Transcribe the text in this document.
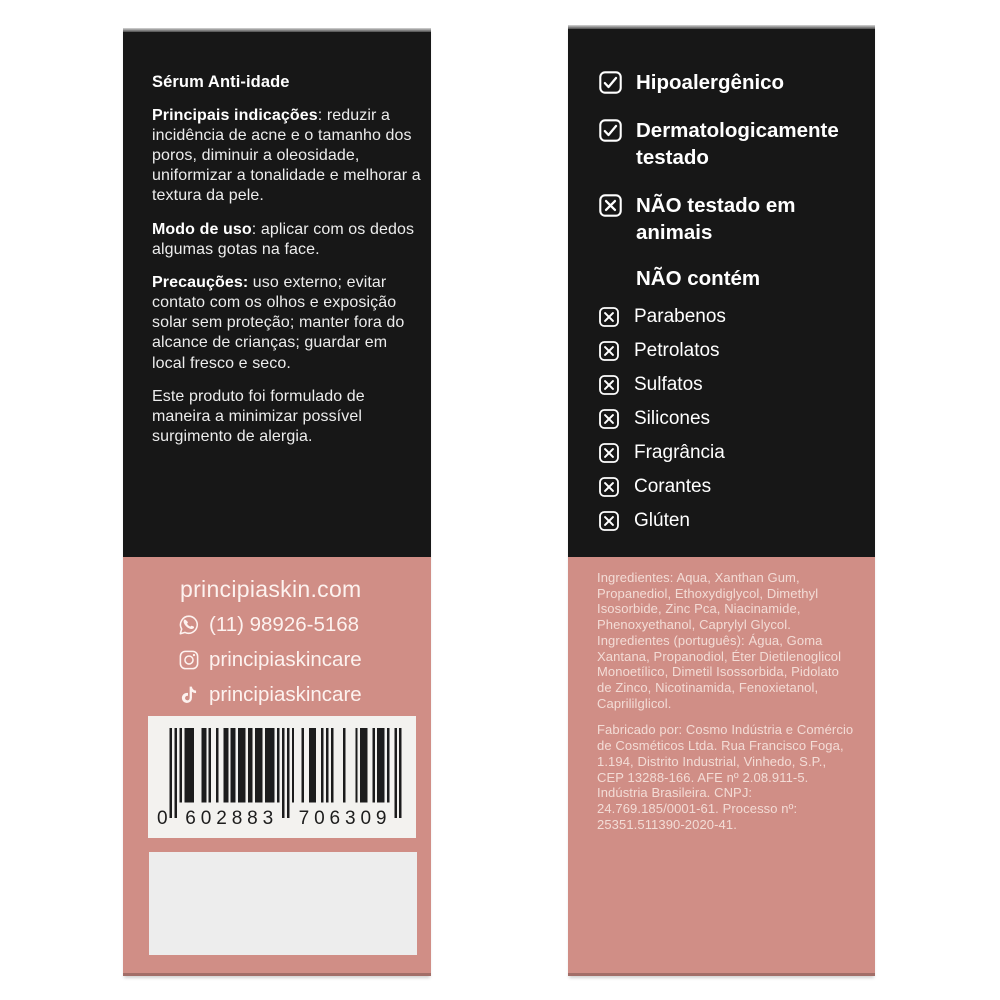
Sérum Anti-idade

Principais indicações: reduzir a incidência de acne e o tamanho dos poros, diminuir a oleosidade, uniformizar a tonalidade e melhorar a textura da pele.

Modo de uso: aplicar com os dedos algumas gotas na face.

Precauções: uso externo; evitar contato com os olhos e exposição solar sem proteção; manter fora do alcance de crianças; guardar em local fresco e seco.

Este produto foi formulado de maneira a minimizar possível surgimento de alergia.

principiaskin.com

(11) 98926-5168
principiaskincare
principiaskincare
0 602883 706309
Hipoalergênico
Dermatologicamente testado
NÃO testado em animais
NÃO contém
Parabenos
Petrolatos
Sulfatos
Silicones
Fragrância
Corantes
Glúten

Ingredientes: Aqua, Xanthan Gum, Propanediol, Ethoxydiglycol, Dimethyl Isosorbide, Zinc Pca, Niacinamide, Phenoxyethanol, Caprylyl Glycol. Ingredientes (português): Água, Goma Xantana, Propanodiol, Éter Dietilenoglicol Monoetílico, Dimetil Isossorbida, Pidolato de Zinco, Nicotinamida, Fenoxietanol, Caprililglicol.

Fabricado por: Cosmo Indústria e Comércio de Cosméticos Ltda. Rua Francisco Foga, 1.194, Distrito Industrial, Vinhedo, S.P., CEP 13288-166. AFE nº 2.08.911-5. Indústria Brasileira. CNPJ: 24.769.185/0001-61. Processo nº: 25351.511390-2020-41.
